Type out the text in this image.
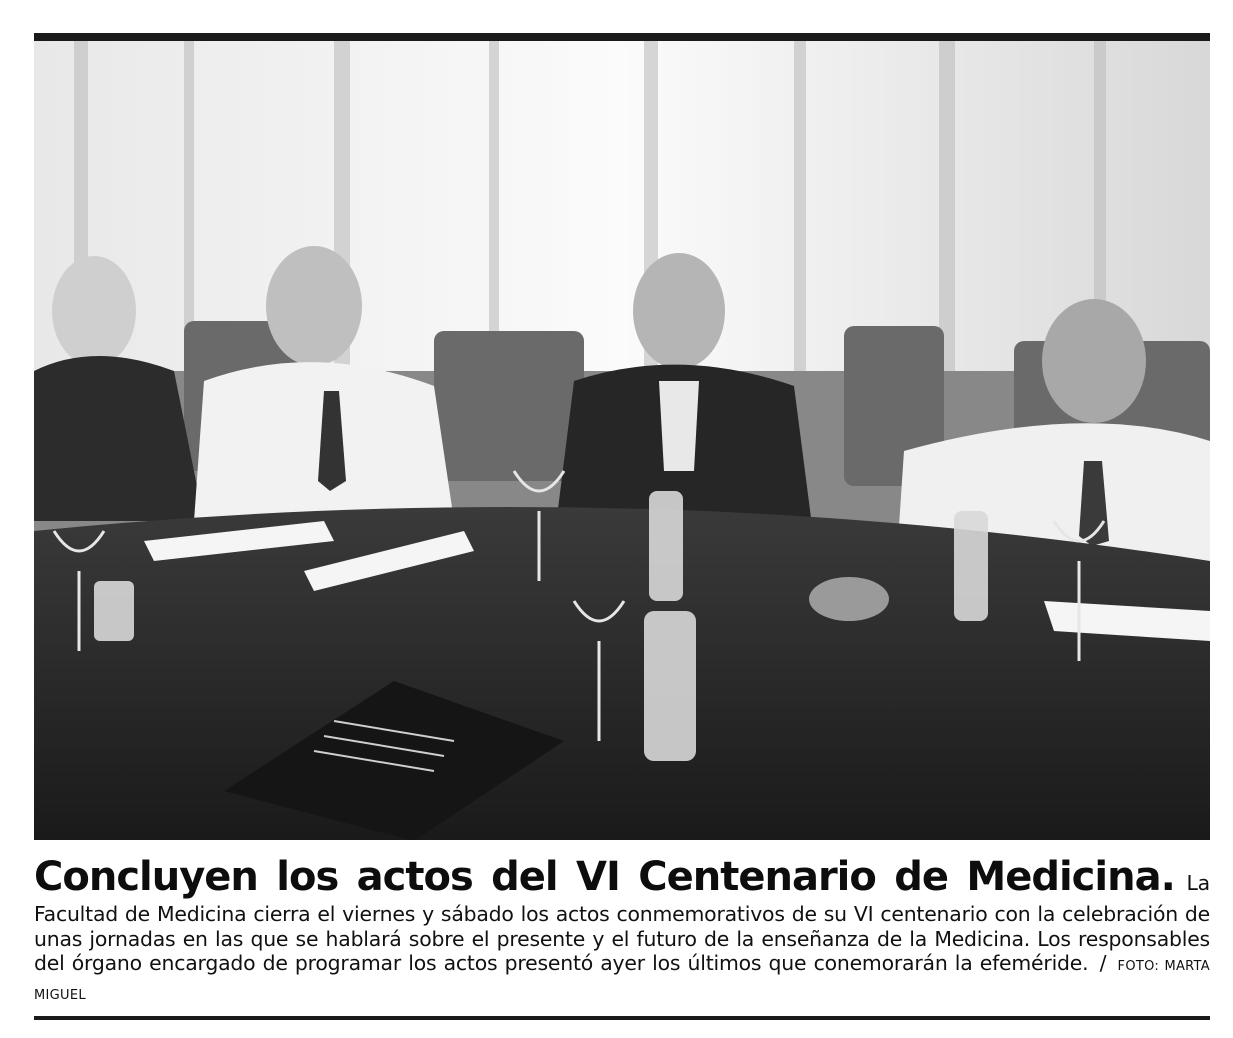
Concluyen los actos del VI Centenario de Medicina. La Facultad de Medicina cierra el viernes y sábado los actos conmemorativos de su VI centenario con la celebración de unas jornadas en las que se hablará sobre el presente y el futuro de la enseñanza de la Medicina. Los responsables del órgano encargado de programar los actos presentó ayer los últimos que conemorarán la efeméride. / FOTO: MARTA MIGUEL
